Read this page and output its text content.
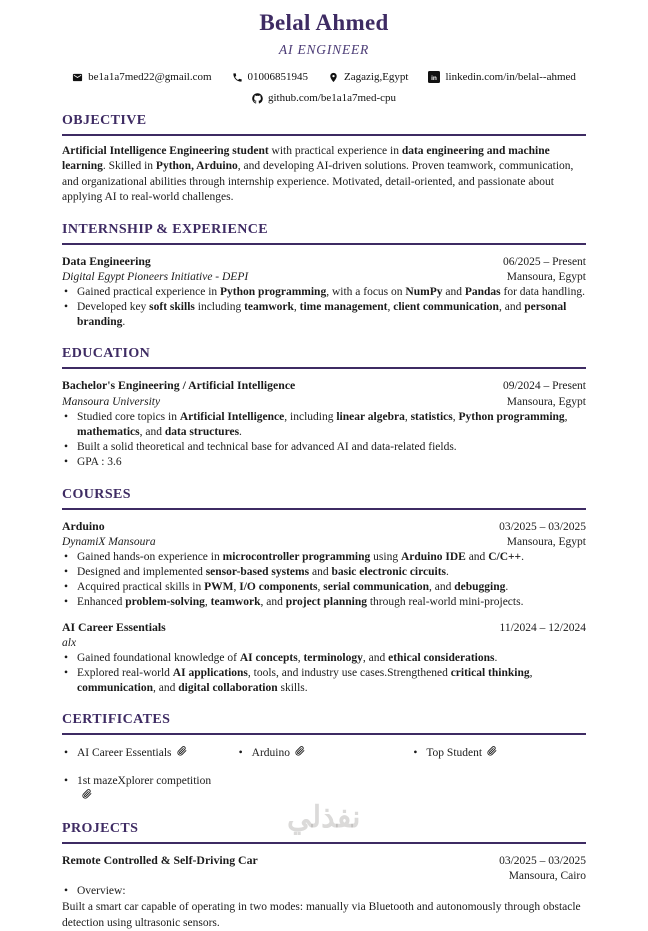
Belal Ahmed
AI ENGINEER
be1a1a7med22@gmail.com	01006851945	Zagazig,Egypt in linkedin.com/in/belal--ahmed
github.com/be1a1a7med-cpu
OBJECTIVE

Artificial Intelligence Engineering student with practical experience in data engineering and machine learning. Skilled in Python, Arduino, and developing AI-driven solutions. Proven teamwork, communication, and organizational abilities through internship experience. Motivated, detail-oriented, and passionate about applying AI to real-world challenges.

INTERNSHIP & EXPERIENCE
Data Engineering	06/2025 – Present
Digital Egypt Pioneers Initiative - DEPI	Mansoura, Egypt
• Gained practical experience in Python programming, with a focus on NumPy and Pandas for data handling.
• Developed key soft skills including teamwork, time management, client communication, and personal branding.
EDUCATION
Bachelor's Engineering / Artificial Intelligence	09/2024 – Present
Mansoura University	Mansoura, Egypt
• Studied core topics in Artificial Intelligence, including linear algebra, statistics, Python programming, mathematics, and data structures.
• Built a solid theoretical and technical base for advanced AI and data-related fields.
• GPA : 3.6
COURSES
Arduino	03/2025 – 03/2025
DynamiX Mansoura	Mansoura, Egypt
• Gained hands-on experience in microcontroller programming using Arduino IDE and C/C++.
• Designed and implemented sensor-based systems and basic electronic circuits.
• Acquired practical skills in PWM, I/O components, serial communication, and debugging.
• Enhanced problem-solving, teamwork, and project planning through real-world mini-projects.
AI Career Essentials	11/2024 – 12/2024
alx
• Gained foundational knowledge of AI concepts, terminology, and ethical considerations.
• Explored real-world AI applications, tools, and industry use cases.Strengthened critical thinking, communication, and digital collaboration skills.
CERTIFICATES
• AI Career Essentials	• Arduino	• Top Student
• 1st mazeXplorer competition
PROJECTS
Remote Controlled & Self-Driving Car	03/2025 – 03/2025
Mansoura, Cairo
• Overview:
Built a smart car capable of operating in two modes: manually via Bluetooth and autonomously through obstacle detection using ultrasonic sensors.
نفذلي
